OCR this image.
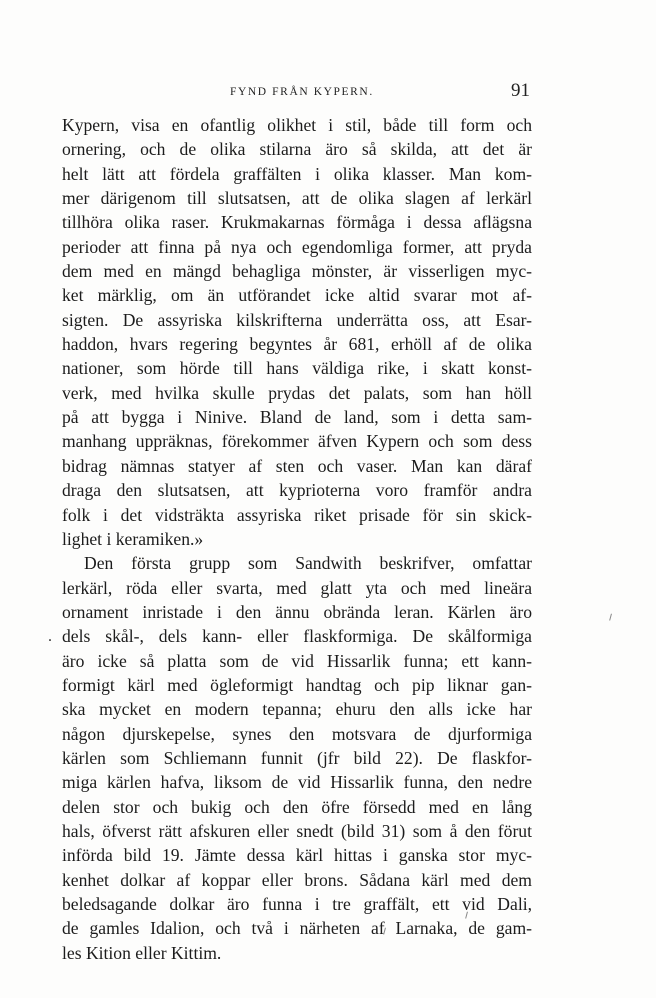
FYND FRÅN KYPERN.	91
Kypern, visa en ofantlig olikhet i stil, både till form och
ornering, och de olika stilarna äro så skilda, att det är
helt lätt att fördela graffälten i olika klasser. Man kom-
mer därigenom till slutsatsen, att de olika slagen af lerkärl
tillhöra olika raser. Krukmakarnas förmåga i dessa aflägsna
perioder att finna på nya och egendomliga former, att pryda
dem med en mängd behagliga mönster, är visserligen myc-
ket märklig, om än utförandet icke altid svarar mot af-
sigten. De assyriska kilskrifterna underrätta oss, att Esar-
haddon, hvars regering begyntes år 681, erhöll af de olika
nationer, som hörde till hans väldiga rike, i skatt konst-
verk, med hvilka skulle prydas det palats, som han höll
på att bygga i Ninive. Bland de land, som i detta sam-
manhang uppräknas, förekommer äfven Kypern och som dess
bidrag nämnas statyer af sten och vaser. Man kan däraf
draga den slutsatsen, att kyprioterna voro framför andra
folk i det vidsträkta assyriska riket prisade för sin skick-
lighet i keramiken.»
Den första grupp som Sandwith beskrifver, omfattar
lerkärl, röda eller svarta, med glatt yta och med lineära
ornament inristade i den ännu obrända leran. Kärlen äro
dels skål-, dels kann- eller flaskformiga. De skålformiga
äro icke så platta som de vid Hissarlik funna; ett kann-
formigt kärl med ögleformigt handtag och pip liknar gan-
ska mycket en modern tepanna; ehuru den alls icke har
någon djurskepelse, synes den motsvara de djurformiga
kärlen som Schliemann funnit (jfr bild 22). De flaskfor-
miga kärlen hafva, liksom de vid Hissarlik funna, den nedre
delen stor och bukig och den öfre försedd med en lång
hals, öfverst rätt afskuren eller snedt (bild 31) som å den förut
införda bild 19. Jämte dessa kärl hittas i ganska stor myc-
kenhet dolkar af koppar eller brons. Sådana kärl med dem
beledsagande dolkar äro funna i tre graffält, ett vid Dali,
de gamles Idalion, och två i närheten af Larnaka, de gam-
les Kition eller Kittim.
.
